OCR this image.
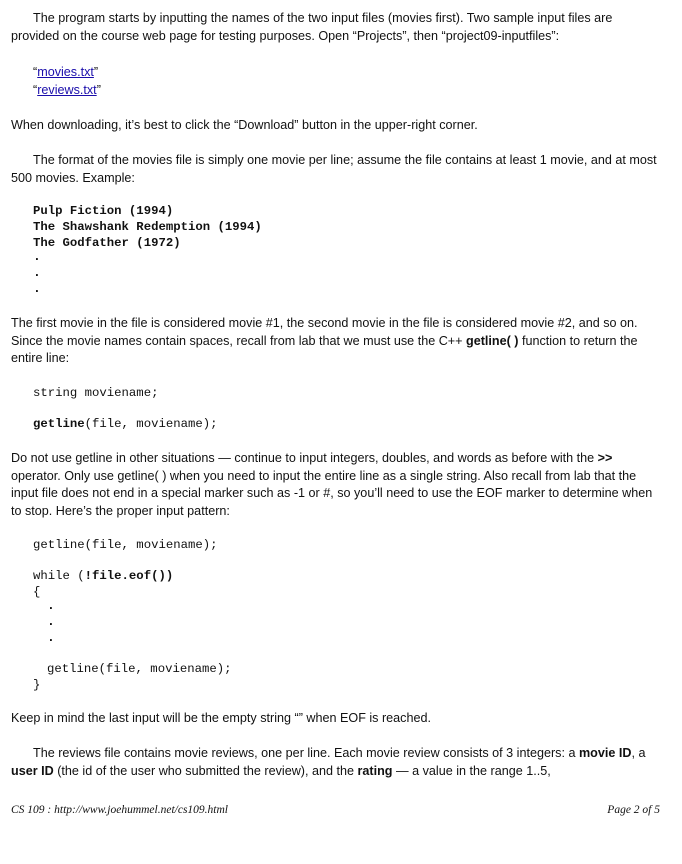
The program starts by inputting the names of the two input files (movies first). Two sample input files are provided on the course web page for testing purposes. Open “Projects”, then “project09-inputfiles”:

“movies.txt”
“reviews.txt”

When downloading, it’s best to click the “Download” button in the upper-right corner.

The format of the movies file is simply one movie per line; assume the file contains at least 1 movie, and at most 500 movies. Example:

Pulp Fiction (1994)
The Shawshank Redemption (1994)
The Godfather (1972)
.
.
.

The first movie in the file is considered movie #1, the second movie in the file is considered movie #2, and so on. Since the movie names contain spaces, recall from lab that we must use the C++ getline( ) function to return the entire line:

string moviename;
getline(file, moviename);

Do not use getline in other situations — continue to input integers, doubles, and words as before with the >> operator. Only use getline( ) when you need to input the entire line as a single string. Also recall from lab that the input file does not end in a special marker such as -1 or #, so you’ll need to use the EOF marker to determine when to stop. Here’s the proper input pattern:

getline(file, moviename);
while (!file.eof())
{
.
.
.
getline(file, moviename);
}

Keep in mind the last input will be the empty string “” when EOF is reached.

The reviews file contains movie reviews, one per line. Each movie review consists of 3 integers: a movie ID, a user ID (the id of the user who submitted the review), and the rating — a value in the range 1..5,

CS 109 : http://www.joehummel.net/cs109.html	Page 2 of 5
